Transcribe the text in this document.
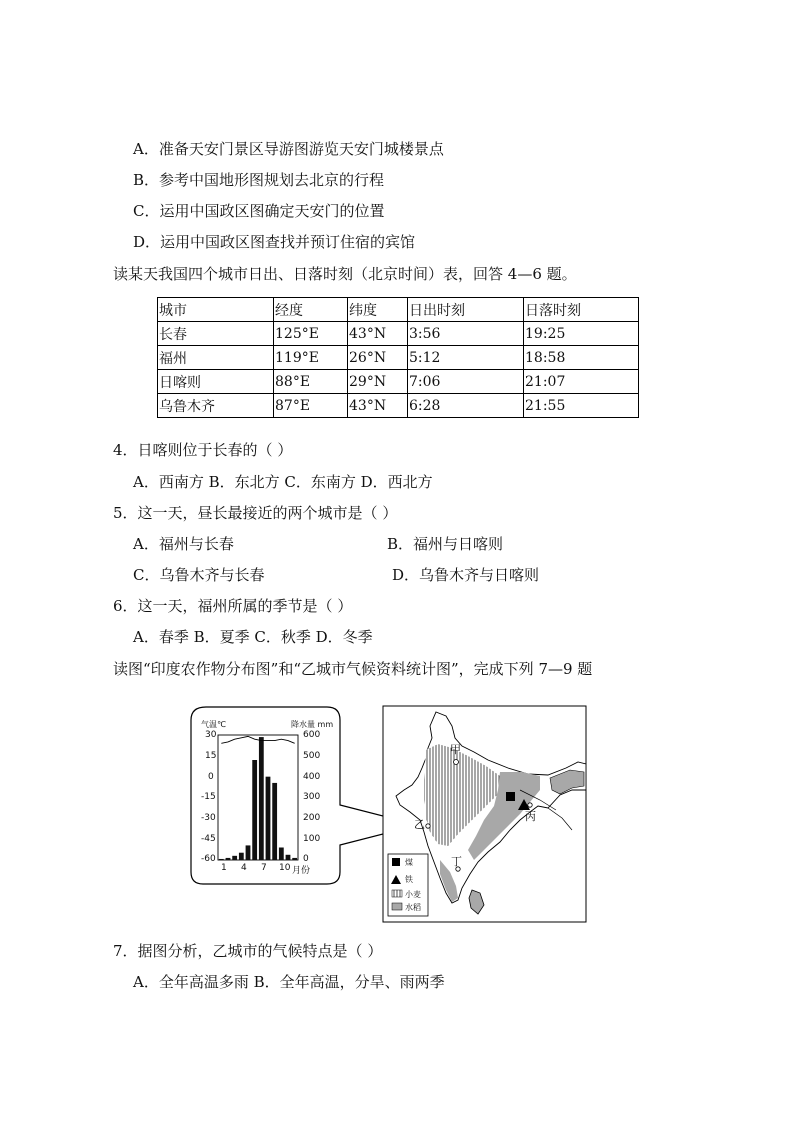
A．准备天安门景区导游图游览天安门城楼景点
B．参考中国地形图规划去北京的行程
C．运用中国政区图确定天安门的位置
D．运用中国政区图查找并预订住宿的宾馆
读某天我国四个城市日出、日落时刻（北京时间）表，回答 4—6 题。
城市	经度	纬度	日出时刻	日落时刻
长春	125°E	43°N	3:56	19:25
福州	119°E	26°N	5:12	18:58
日喀则	88°E	29°N	7:06	21:07
乌鲁木齐	87°E	43°N	6:28	21:55
4．日喀则位于长春的（ ）
A．西南方 B．东北方 C．东南方 D．西北方
5．这一天，昼长最接近的两个城市是（ ）
A．福州与长春	B．福州与日喀则
C．乌鲁木齐与长春	D．乌鲁木齐与日喀则
6．这一天，福州所属的季节是（ ）
A．春季 B．夏季 C．秋季 D．冬季
读图“印度农作物分布图”和“乙城市气候资料统计图”，完成下列 7—9 题
气温℃	降水量 mm
30
15
0
-15
-30
-45
-60
600
500
400
300
200
100
0
1 4 7 10 月份
甲
乙
丙
丁
煤
铁
小麦
水稻
7．据图分析，乙城市的气候特点是（ ）
A．全年高温多雨 B．全年高温，分旱、雨两季
